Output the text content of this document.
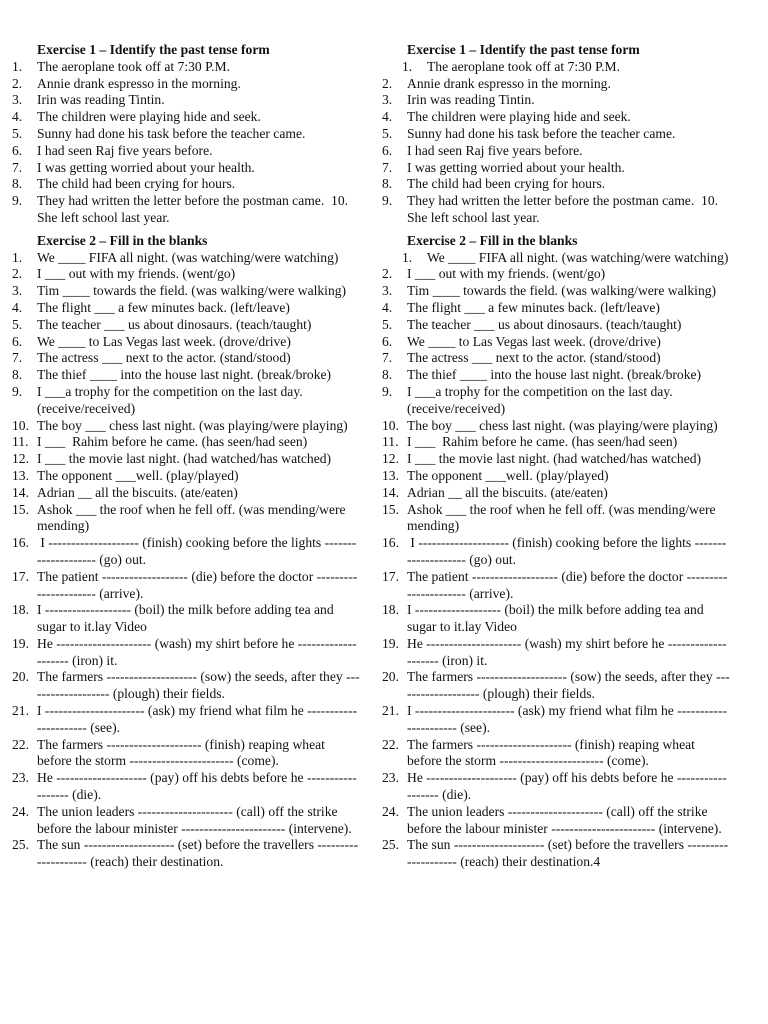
Exercise 1 – Identify the past tense form
1.	The aeroplane took off at 7:30 P.M.
2.	Annie drank espresso in the morning.
3.	Irin was reading Tintin.
4.	The children were playing hide and seek.
5.	Sunny had done his task before the teacher came.
6.	I had seen Raj five years before.
7.	I was getting worried about your health.
8.	The child had been crying for hours.
9.	They had written the letter before the postman came.  10. She left school last year.
Exercise 2 – Fill in the blanks
1.	We ____ FIFA all night. (was watching/were watching)
2.	I ___ out with my friends. (went/go)
3.	Tim ____ towards the field. (was walking/were walking)
4.	The flight ___ a few minutes back. (left/leave)
5.	The teacher ___ us about dinosaurs. (teach/taught)
6.	We ____ to Las Vegas last week. (drove/drive)
7.	The actress ___ next to the actor. (stand/stood)
8.	The thief ____ into the house last night. (break/broke)
9.	I ___a trophy for the competition on the last day. (receive/received)
10. The boy ___ chess last night. (was playing/were playing)
11. I ___  Rahim before he came. (has seen/had seen)
12. I ___ the movie last night. (had watched/has watched)
13. The opponent ___well. (play/played)
14. Adrian __ all the biscuits. (ate/eaten)
15. Ashok ___ the roof when he fell off. (was mending/were mending)
16. I -------------------- (finish) cooking before the lights -------------------- (go) out.
17. The patient ------------------- (die) before the doctor ---------------------- (arrive).
18. I ------------------- (boil) the milk before adding tea and sugar to it.lay Video
19. He --------------------- (wash) my shirt before he -------------------- (iron) it.
20. The farmers -------------------- (sow) the seeds, after they ------------------- (plough) their fields.
21. I ---------------------- (ask) my friend what film he ---------------------- (see).
22. The farmers --------------------- (finish) reaping wheat before the storm ----------------------- (come).
23. He -------------------- (pay) off his debts before he ------------------ (die).
24. The union leaders --------------------- (call) off the strike before the labour minister ----------------------- (intervene).
25. The sun -------------------- (set) before the travellers -------------------- (reach) their destination.
Exercise 1 – Identify the past tense form
1.	The aeroplane took off at 7:30 P.M.
2.	Annie drank espresso in the morning.
3.	Irin was reading Tintin.
4.	The children were playing hide and seek.
5.	Sunny had done his task before the teacher came.
6.	I had seen Raj five years before.
7.	I was getting worried about your health.
8.	The child had been crying for hours.
9.	They had written the letter before the postman came.  10. She left school last year.
Exercise 2 – Fill in the blanks
1.	We ____ FIFA all night. (was watching/were watching)
2.	I ___ out with my friends. (went/go)
3.	Tim ____ towards the field. (was walking/were walking)
4.	The flight ___ a few minutes back. (left/leave)
5.	The teacher ___ us about dinosaurs. (teach/taught)
6.	We ____ to Las Vegas last week. (drove/drive)
7.	The actress ___ next to the actor. (stand/stood)
8.	The thief ____ into the house last night. (break/broke)
9.	I ___a trophy for the competition on the last day. (receive/received)
10. The boy ___ chess last night. (was playing/were playing)
11. I ___  Rahim before he came. (has seen/had seen)
12. I ___ the movie last night. (had watched/has watched)
13. The opponent ___well. (play/played)
14. Adrian __ all the biscuits. (ate/eaten)
15. Ashok ___ the roof when he fell off. (was mending/were mending)
16. I -------------------- (finish) cooking before the lights -------------------- (go) out.
17. The patient ------------------- (die) before the doctor ---------------------- (arrive).
18. I ------------------- (boil) the milk before adding tea and sugar to it.lay Video
19. He --------------------- (wash) my shirt before he -------------------- (iron) it.
20. The farmers -------------------- (sow) the seeds, after they ------------------- (plough) their fields.
21. I ---------------------- (ask) my friend what film he ---------------------- (see).
22. The farmers --------------------- (finish) reaping wheat before the storm ----------------------- (come).
23. He -------------------- (pay) off his debts before he ------------------ (die).
24. The union leaders --------------------- (call) off the strike before the labour minister ----------------------- (intervene).
25. The sun -------------------- (set) before the travellers -------------------- (reach) their destination.4
